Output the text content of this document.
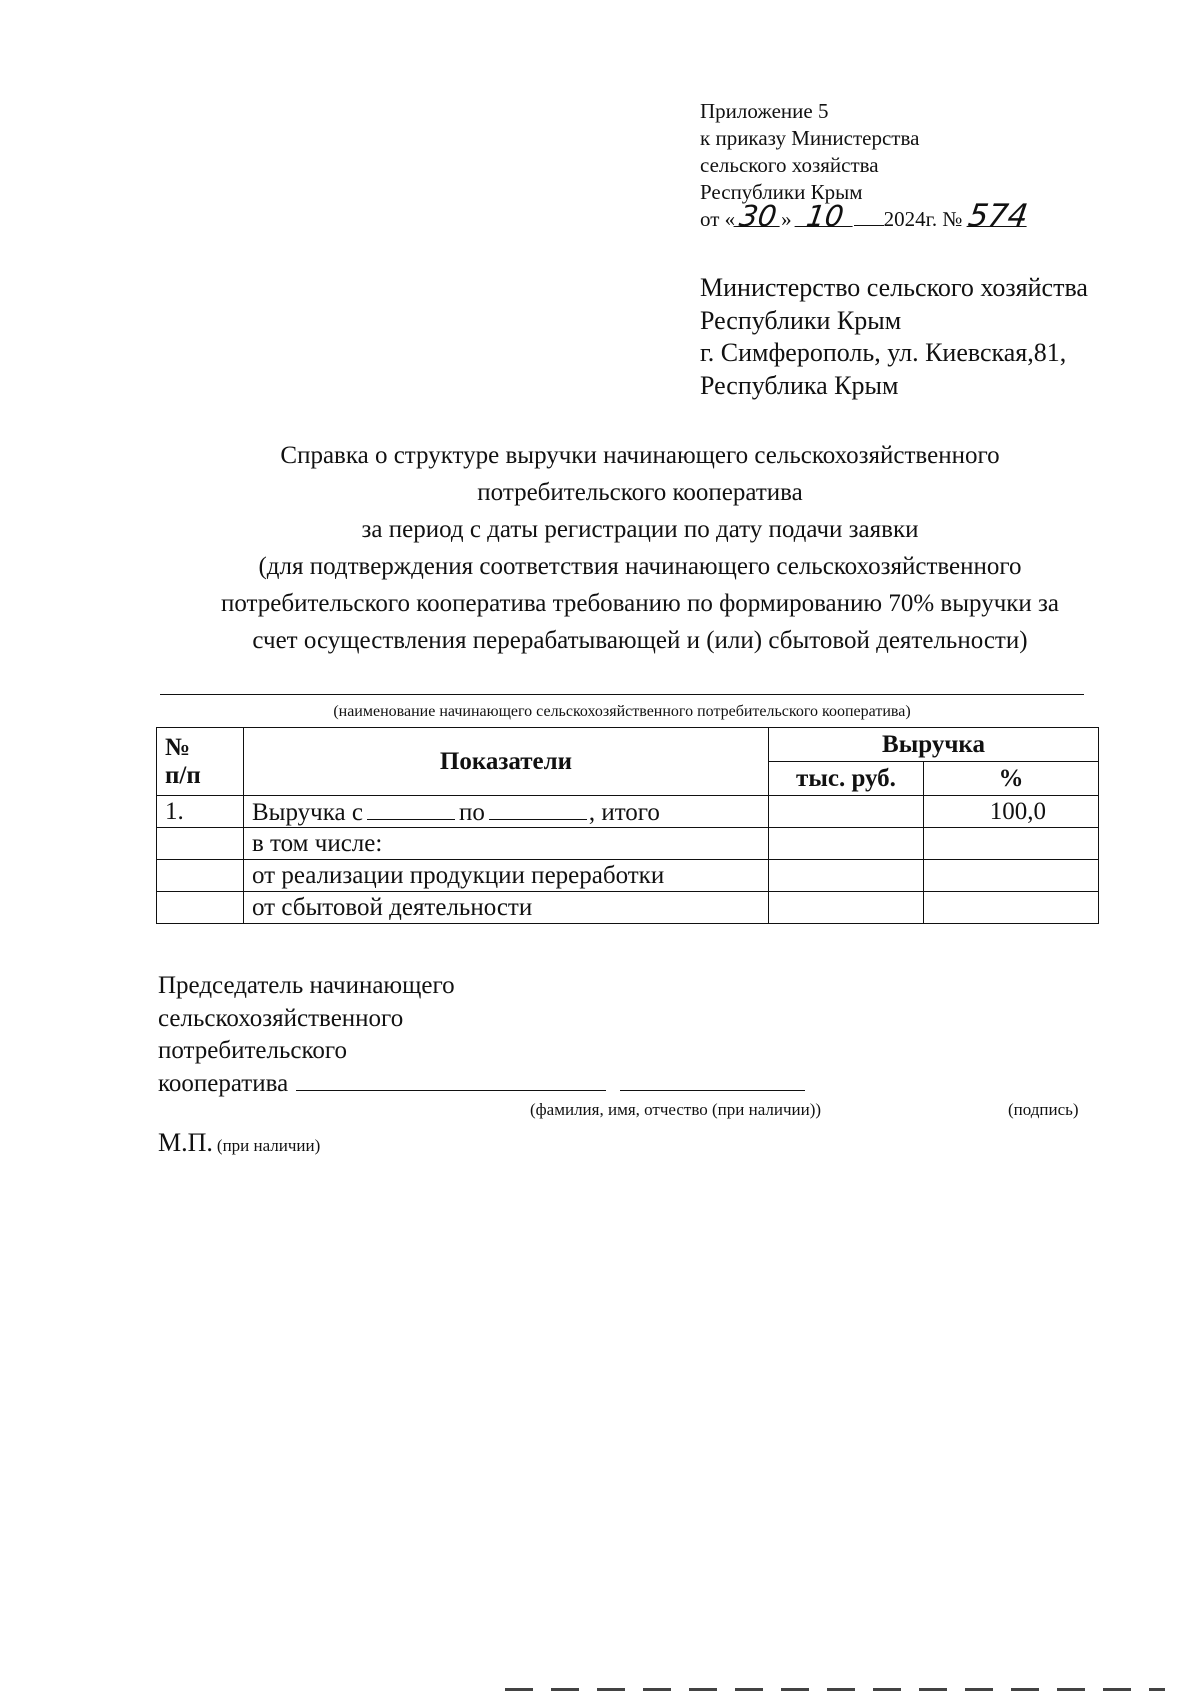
Приложение 5
к приказу Министерства
сельского хозяйства
Республики Крым
от «30» 10 2024г. № 574
Министерство сельского хозяйства
Республики Крым
г. Симферополь, ул. Киевская,81,
Республика Крым
Справка о структуре выручки начинающего сельскохозяйственного
потребительского кооператива
за период с даты регистрации по дату подачи заявки
(для подтверждения соответствия начинающего сельскохозяйственного
потребительского кооператива требованию по формированию 70% выручки за
счет осуществления перерабатывающей и (или) сбытовой деятельности)
(наименование начинающего сельскохозяйственного потребительского кооператива)
№
п/п	Показатели	Выручка	
		тыс. руб.	%
1.	Выручка с по , итого		100,0
	в том числе:		
	от реализации продукции переработки		
	от сбытовой деятельности		
Председатель начинающего
сельскохозяйственного
потребительского
кооператива
(фамилия, имя, отчество (при наличии))	(подпись)
М.П. (при наличии)
